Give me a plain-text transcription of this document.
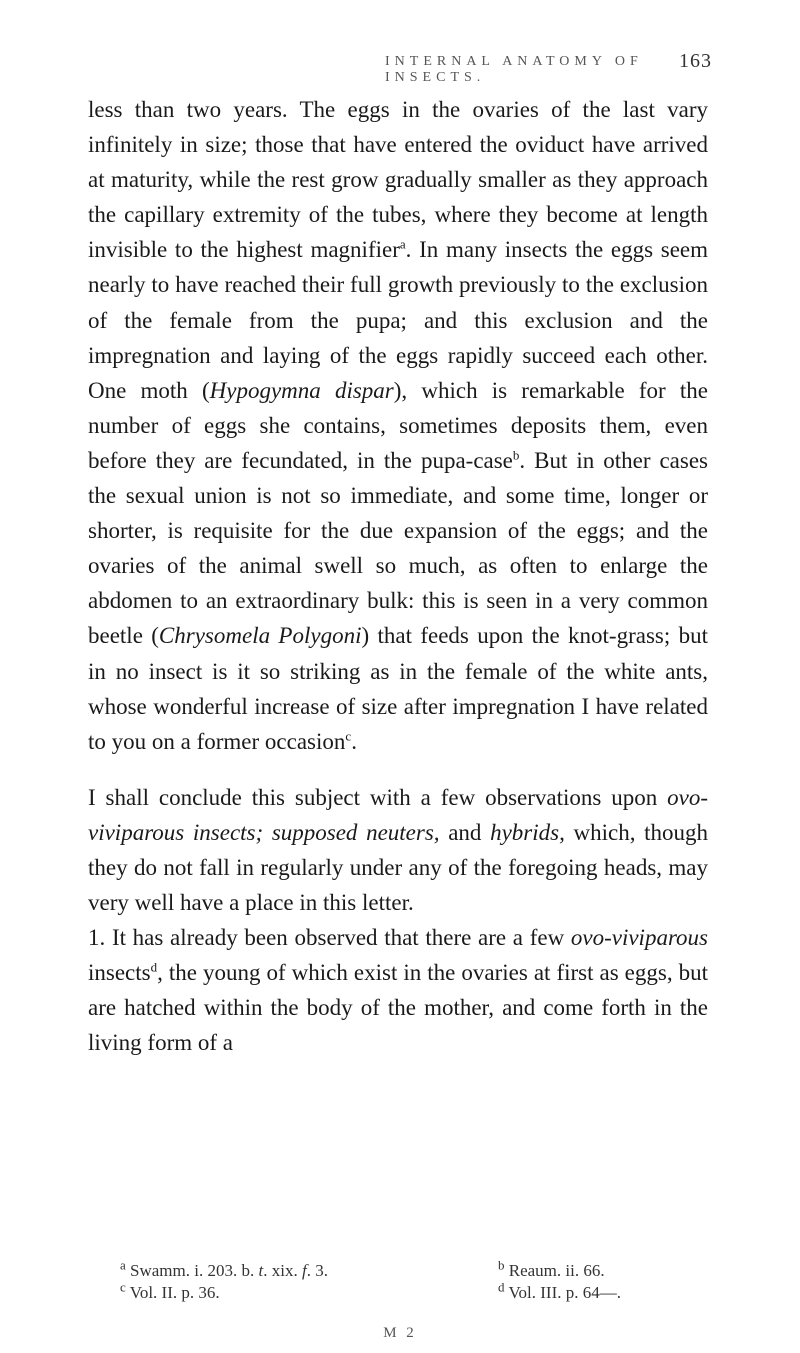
INTERNAL ANATOMY OF INSECTS.
163

less than two years. The eggs in the ovaries of the last vary infinitely in size; those that have entered the oviduct have arrived at maturity, while the rest grow gradually smaller as they approach the capillary extremity of the tubes, where they become at length invisible to the highest magnifier$^a$. In many insects the eggs seem nearly to have reached their full growth previously to the exclusion of the female from the pupa; and this exclusion and the impregnation and laying of the eggs rapidly succeed each other. One moth (Hypogymna dispar), which is remarkable for the number of eggs she contains, sometimes deposits them, even before they are fecundated, in the pupa-case$^b$. But in other cases the sexual union is not so immediate, and some time, longer or shorter, is requisite for the due expansion of the eggs; and the ovaries of the animal swell so much, as often to enlarge the abdomen to an extraordinary bulk: this is seen in a very common beetle (Chrysomela Polygoni) that feeds upon the knot-grass; but in no insect is it so striking as in the female of the white ants, whose wonderful increase of size after impregnation I have related to you on a former occasion$^c$.

I shall conclude this subject with a few observations upon ovo-viviparous insects; supposed neuters, and hybrids, which, though they do not fall in regularly under any of the foregoing heads, may very well have a place in this letter.

1. It has already been observed that there are a few ovo-viviparous insects$^d$, the young of which exist in the ovaries at first as eggs, but are hatched within the body of the mother, and come forth in the living form of a

$^a$ Swamm. i. 203. b. t. xix. f. 3.	$^b$ Reaum. ii. 66.
$^c$ Vol. II. p. 36.	$^d$ Vol. III. p. 64—.
M 2
